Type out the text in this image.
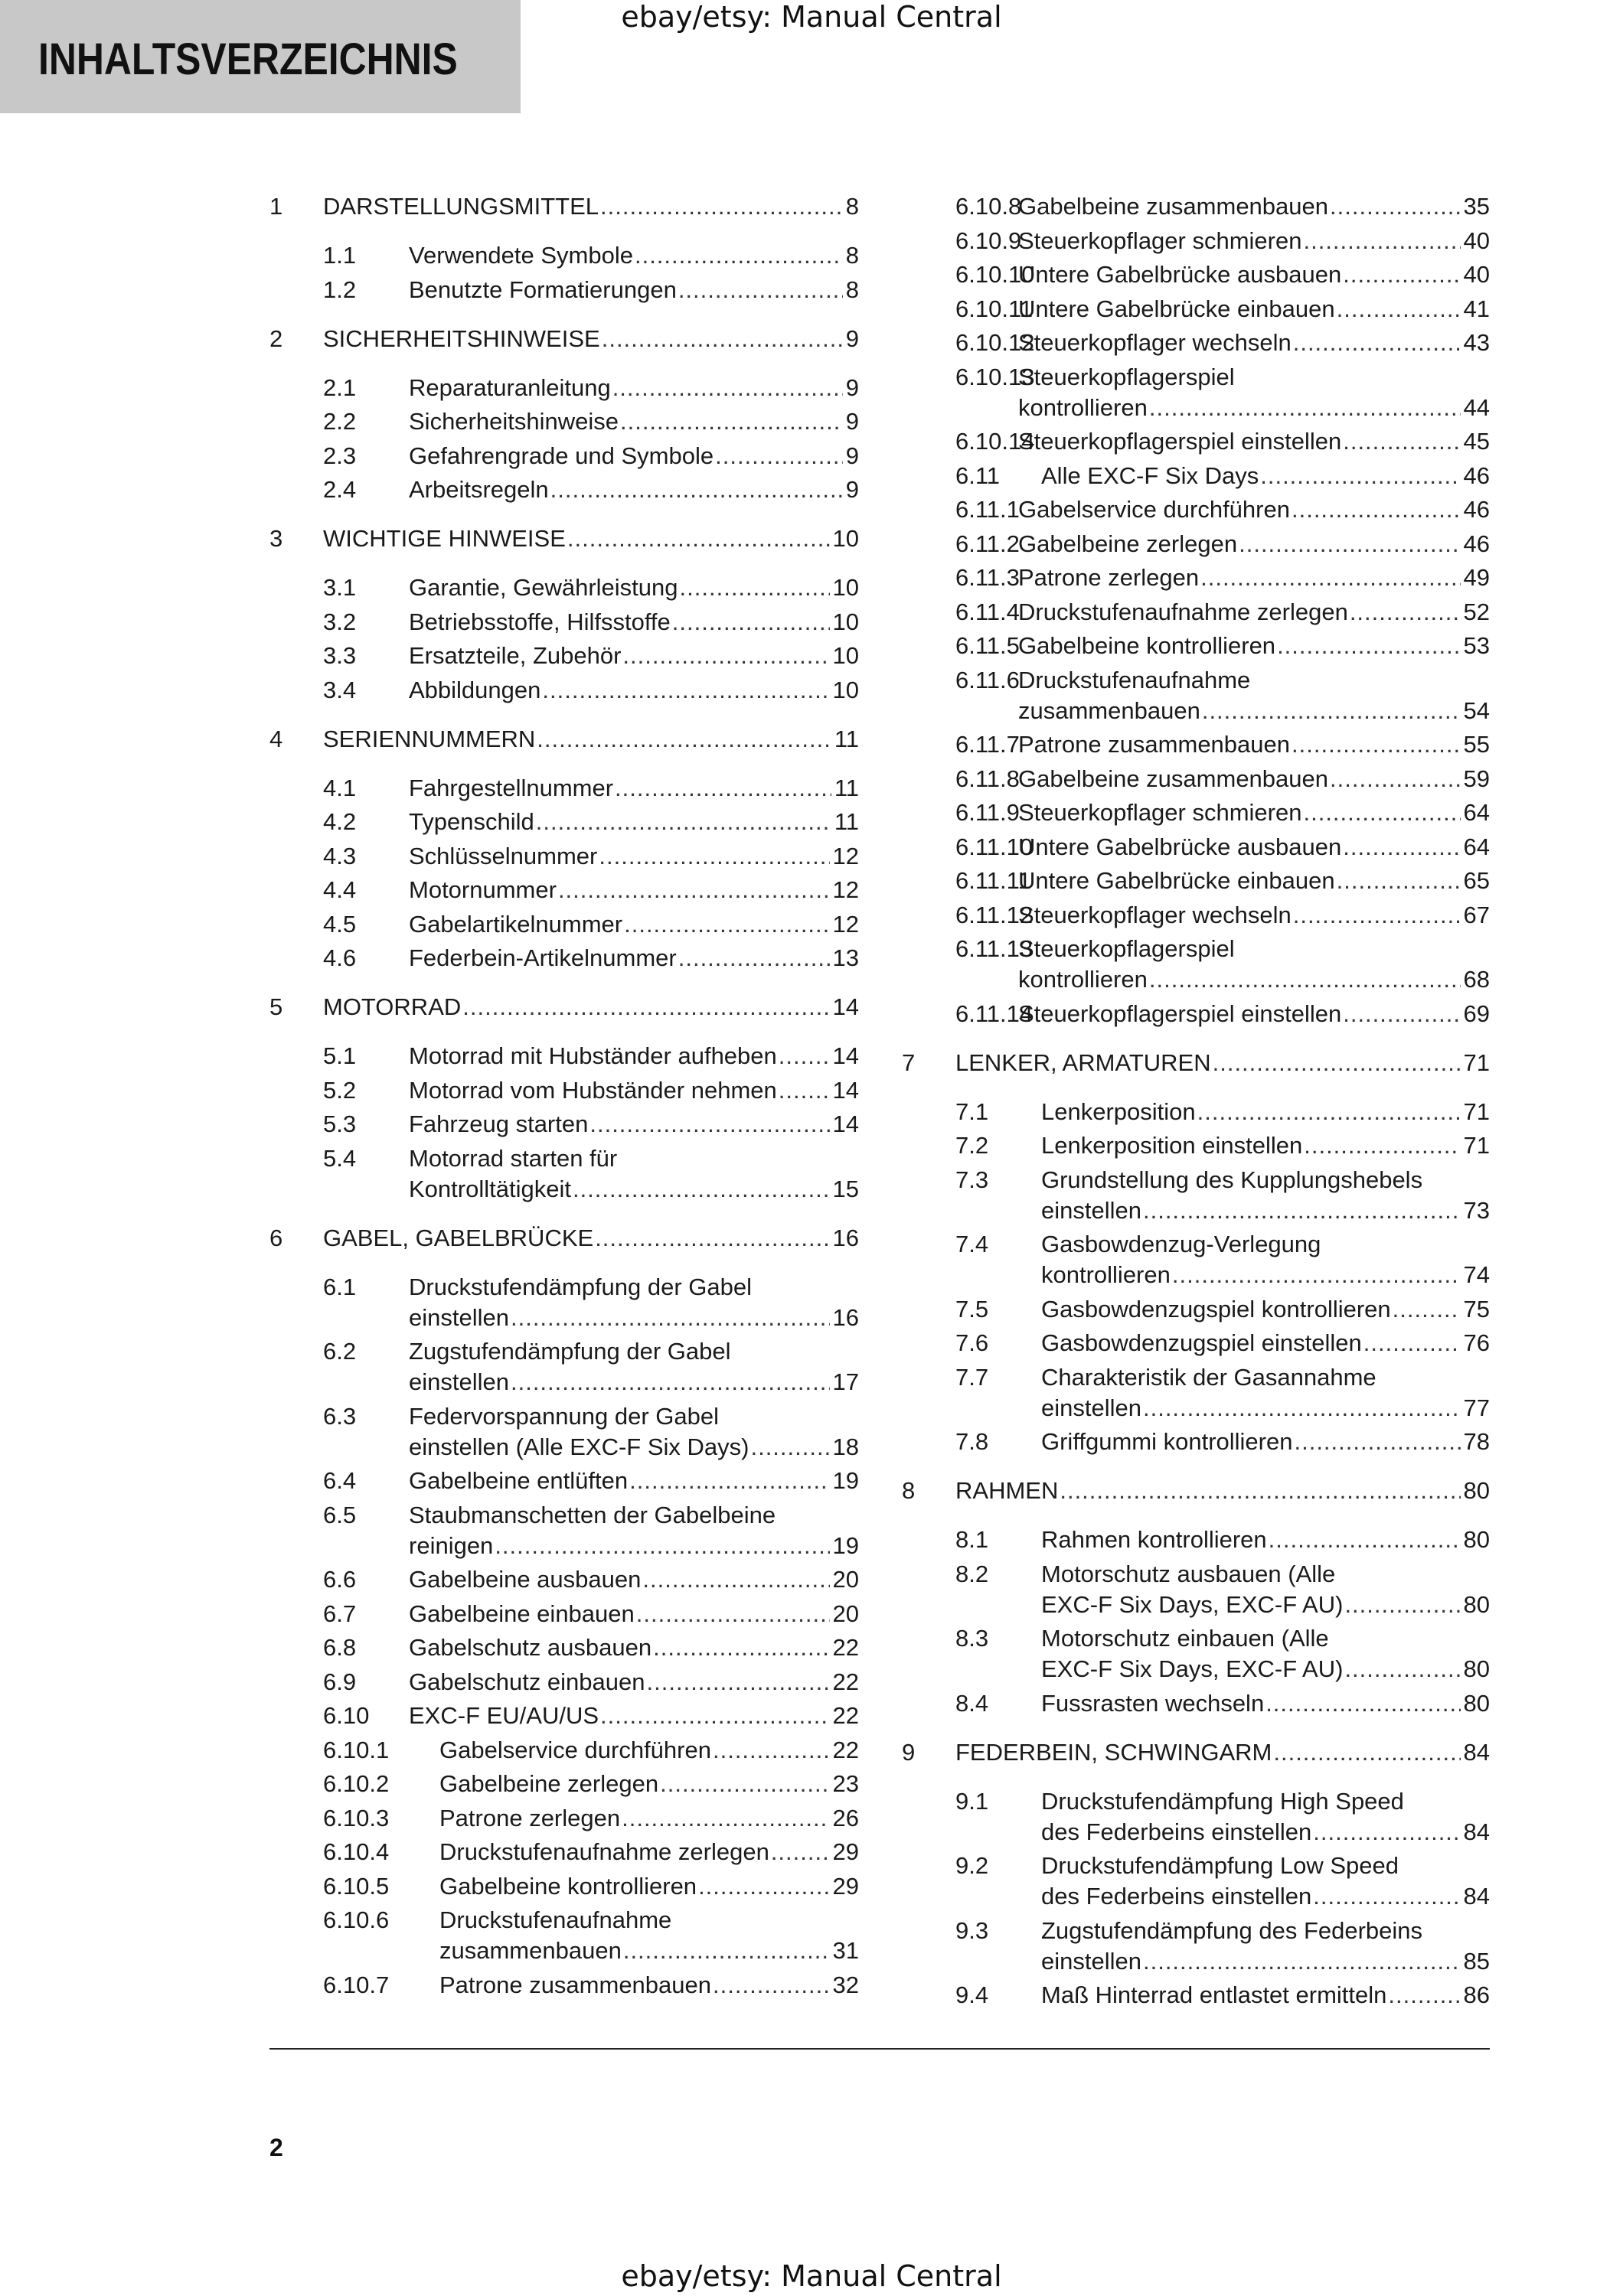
INHALTSVERZEICHNIS
ebay/etsy: Manual Central
1 DARSTELLUNGSMITTEL .....	8
1.1 Verwendete Symbole .....	8
1.2 Benutzte Formatierungen .....	8
2 SICHERHEITSHINWEISE .....	9
2.1 Reparaturanleitung .....	9
2.2 Sicherheitshinweise .....	9
2.3 Gefahrengrade und Symbole .....	9
2.4 Arbeitsregeln .....	9
3 WICHTIGE HINWEISE .....	10
3.1 Garantie, Gewährleistung .....	10
3.2 Betriebsstoffe, Hilfsstoffe .....	10
3.3 Ersatzteile, Zubehör .....	10
3.4 Abbildungen .....	10
4 SERIENNUMMERN .....	11
4.1 Fahrgestellnummer .....	11
4.2 Typenschild .....	11
4.3 Schlüsselnummer .....	12
4.4 Motornummer .....	12
4.5 Gabelartikelnummer .....	12
4.6 Federbein-Artikelnummer .....	13
5 MOTORRAD .....	14
5.1 Motorrad mit Hubständer aufheben ..... 14
5.2 Motorrad vom Hubständer nehmen ..... 14
5.3 Fahrzeug starten .....	14
5.4 Motorrad starten für
Kontrolltätigkeit .....	15
6 GABEL, GABELBRÜCKE .....	16
6.1 Druckstufendämpfung der Gabel
einstellen .....	16
6.2 Zugstufendämpfung der Gabel
einstellen .....	17
6.3 Federvorspannung der Gabel
einstellen (Alle EXC-F Six Days) .....	18
6.4 Gabelbeine entlüften .....	19
6.5 Staubmanschetten der Gabelbeine
reinigen .....	19
6.6 Gabelbeine ausbauen .....	20
6.7 Gabelbeine einbauen .....	20
6.8 Gabelschutz ausbauen .....	22
6.9 Gabelschutz einbauen .....	22
6.10 EXC-F EU/AU/US .....	22
6.10.1 Gabelservice durchführen .....	22
6.10.2 Gabelbeine zerlegen .....	23
6.10.3 Patrone zerlegen .....	26
6.10.4 Druckstufenaufnahme zerlegen .....	29
6.10.5 Gabelbeine kontrollieren .....	29
6.10.6 Druckstufenaufnahme
zusammenbauen .....	31
6.10.7 Patrone zusammenbauen .....	32
6.10.8
Gabelbeine zusammenbauen .....	35
6.10.9
Steuerkopflager schmieren .....	40
6.10.10
Untere Gabelbrücke ausbauen .....	40
6.10.11
Untere Gabelbrücke einbauen .....	41
6.10.12
Steuerkopflager wechseln .....	43
6.10.13
Steuerkopflagerspiel
kontrollieren .....	44
6.10.14
Steuerkopflagerspiel einstellen .....	45
6.11 Alle EXC-F Six Days .....	46
6.11.1
Gabelservice durchführen .....	46
6.11.2
Gabelbeine zerlegen .....	46
6.11.3
Patrone zerlegen .....	49
6.11.4
Druckstufenaufnahme zerlegen .....	52
6.11.5
Gabelbeine kontrollieren .....	53
6.11.6
Druckstufenaufnahme
zusammenbauen .....	54
6.11.7
Patrone zusammenbauen .....	55
6.11.8
Gabelbeine zusammenbauen .....	59
6.11.9
Steuerkopflager schmieren .....	64
6.11.10
Untere Gabelbrücke ausbauen .....	64
6.11.11
Untere Gabelbrücke einbauen .....	65
6.11.12
Steuerkopflager wechseln .....	67
6.11.13
Steuerkopflagerspiel
kontrollieren .....	68
6.11.14
Steuerkopflagerspiel einstellen .....	69
7 LENKER, ARMATUREN .....	71
7.1 Lenkerposition .....	71
7.2 Lenkerposition einstellen .....	71
7.3 Grundstellung des Kupplungshebels
einstellen .....	73
7.4 Gasbowdenzug-Verlegung
kontrollieren .....	74
7.5 Gasbowdenzugspiel kontrollieren .....	75
7.6 Gasbowdenzugspiel einstellen .....	76
7.7 Charakteristik der Gasannahme
einstellen .....	77
7.8 Griffgummi kontrollieren .....	78
8 RAHMEN .....	80
8.1 Rahmen kontrollieren .....	80
8.2 Motorschutz ausbauen (Alle
EXC-F Six Days, EXC-F AU) .....	80
8.3 Motorschutz einbauen (Alle
EXC-F Six Days, EXC-F AU) .....	80
8.4 Fussrasten wechseln .....	80
9 FEDERBEIN, SCHWINGARM .....	84
9.1 Druckstufendämpfung High Speed
des Federbeins einstellen .....	84
9.2 Druckstufendämpfung Low Speed
des Federbeins einstellen .....	84
9.3 Zugstufendämpfung des Federbeins
einstellen .....	85
9.4 Maß Hinterrad entlastet ermitteln .....	86
2
ebay/etsy: Manual Central
